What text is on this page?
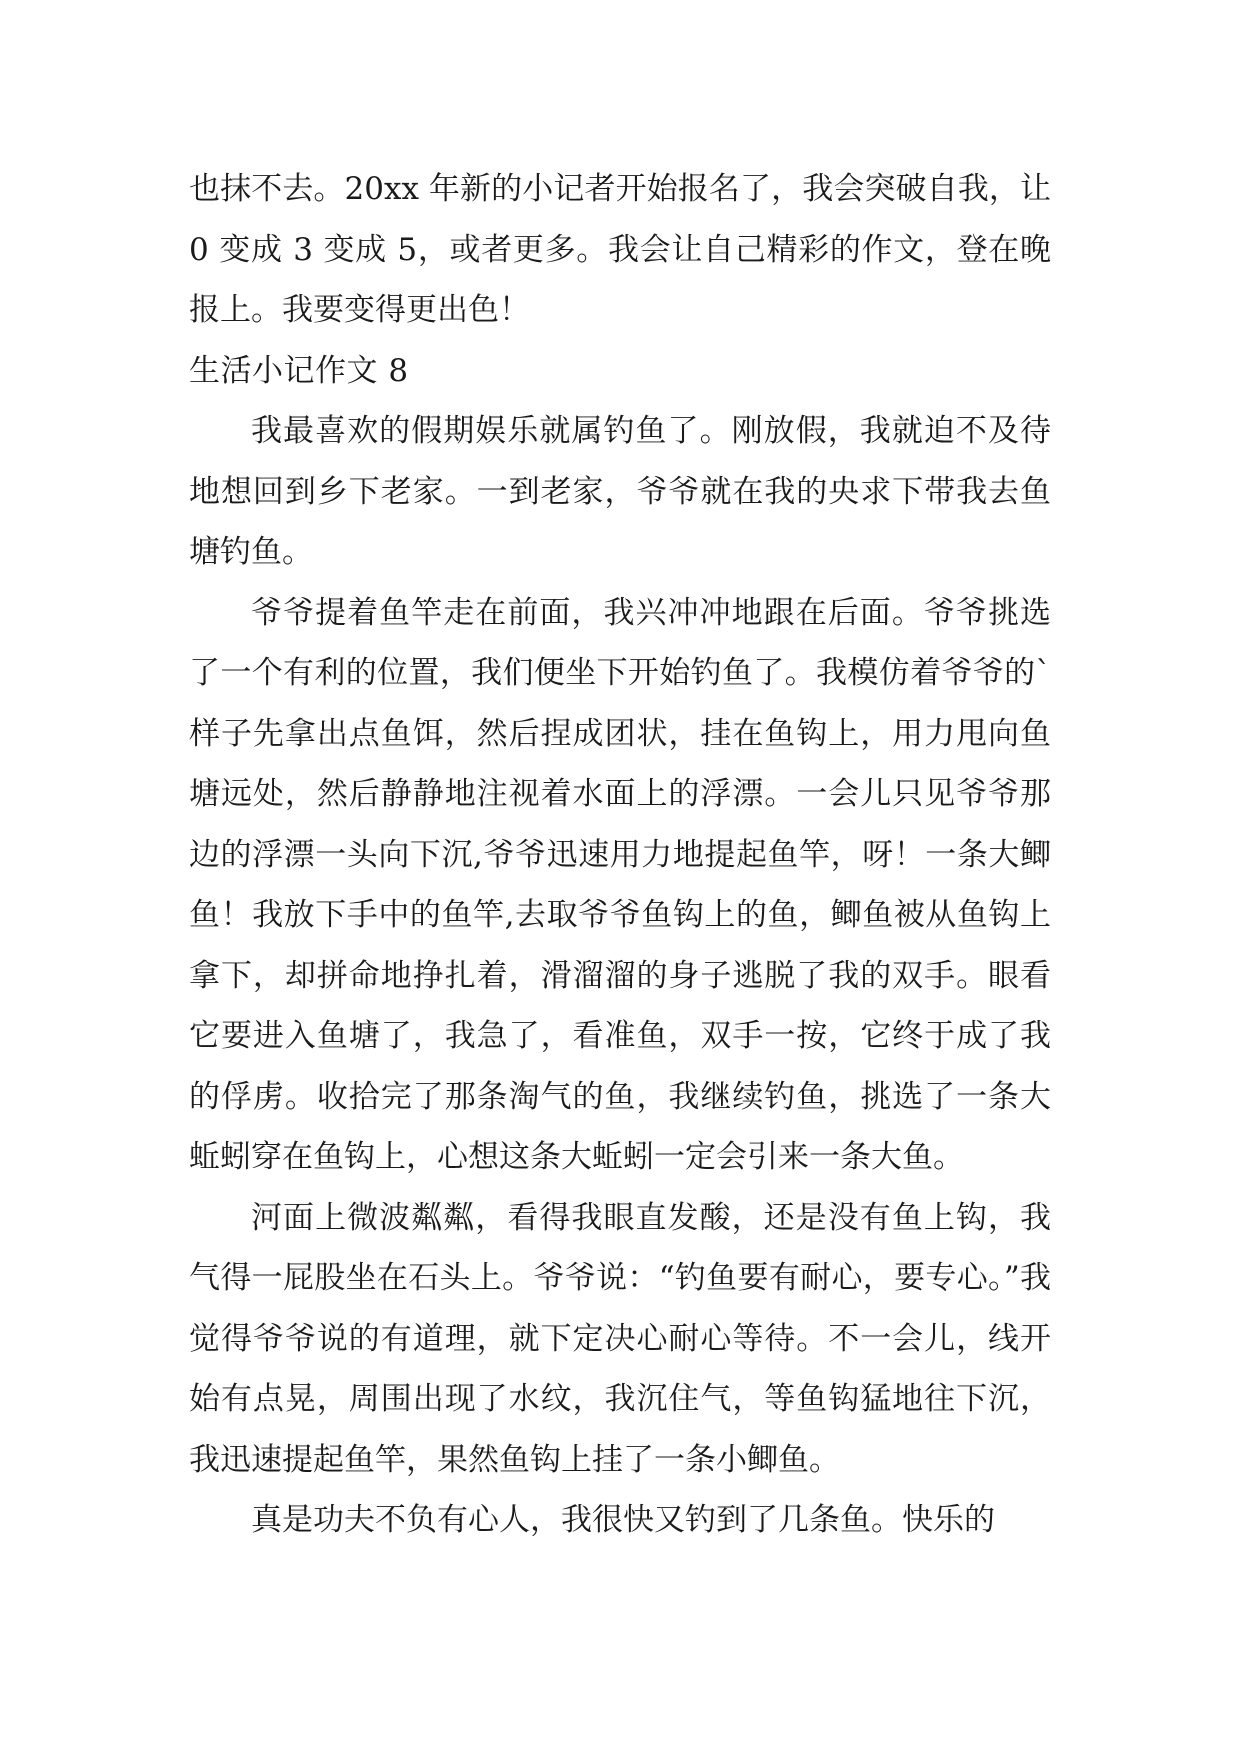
也抹不去。20xx 年新的小记者开始报名了，我会突破自我，让 0 变成 3 变成 5，或者更多。我会让自己精彩的作文，登在晚报上。我要变得更出色！

生活小记作文 8

我最喜欢的假期娱乐就属钓鱼了。刚放假，我就迫不及待地想回到乡下老家。一到老家，爷爷就在我的央求下带我去鱼塘钓鱼。

爷爷提着鱼竿走在前面，我兴冲冲地跟在后面。爷爷挑选了一个有利的位置，我们便坐下开始钓鱼了。我模仿着爷爷的`样子先拿出点鱼饵，然后捏成团状，挂在鱼钩上，用力甩向鱼塘远处，然后静静地注视着水面上的浮漂。一会儿只见爷爷那边的浮漂一头向下沉,爷爷迅速用力地提起鱼竿，呀！一条大鲫鱼！我放下手中的鱼竿,去取爷爷鱼钩上的鱼，鲫鱼被从鱼钩上拿下，却拼命地挣扎着，滑溜溜的身子逃脱了我的双手。眼看它要进入鱼塘了，我急了，看准鱼，双手一按，它终于成了我的俘虏。收拾完了那条淘气的鱼，我继续钓鱼，挑选了一条大蚯蚓穿在鱼钩上，心想这条大蚯蚓一定会引来一条大鱼。

河面上微波粼粼，看得我眼直发酸，还是没有鱼上钩，我气得一屁股坐在石头上。爷爷说：“钓鱼要有耐心，要专心。”我觉得爷爷说的有道理，就下定决心耐心等待。不一会儿，线开始有点晃，周围出现了水纹，我沉住气，等鱼钩猛地往下沉，我迅速提起鱼竿，果然鱼钩上挂了一条小鲫鱼。

真是功夫不负有心人，我很快又钓到了几条鱼。快乐的
